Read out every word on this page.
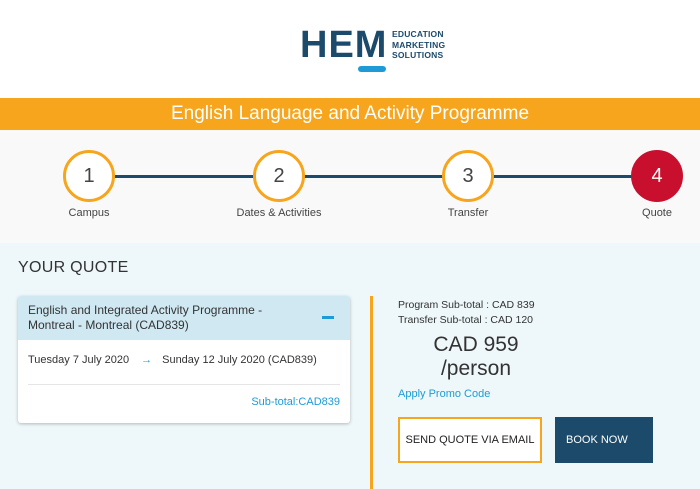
HEM EDUCATION
MARKETING
SOLUTIONS
English Language and Activity Programme
1
Campus
2
Dates & Activities
3
Transfer
4
Quote
YOUR QUOTE
English and Integrated Activity Programme - Montreal - Montreal (CAD839)
Tuesday 7 July 2020 → Sunday 12 July 2020 (CAD839)
Sub-total:CAD839
Program Sub-total : CAD 839
Transfer Sub-total : CAD 120
CAD 959
/person
Apply Promo Code
SEND QUOTE VIA EMAIL	BOOK NOW
